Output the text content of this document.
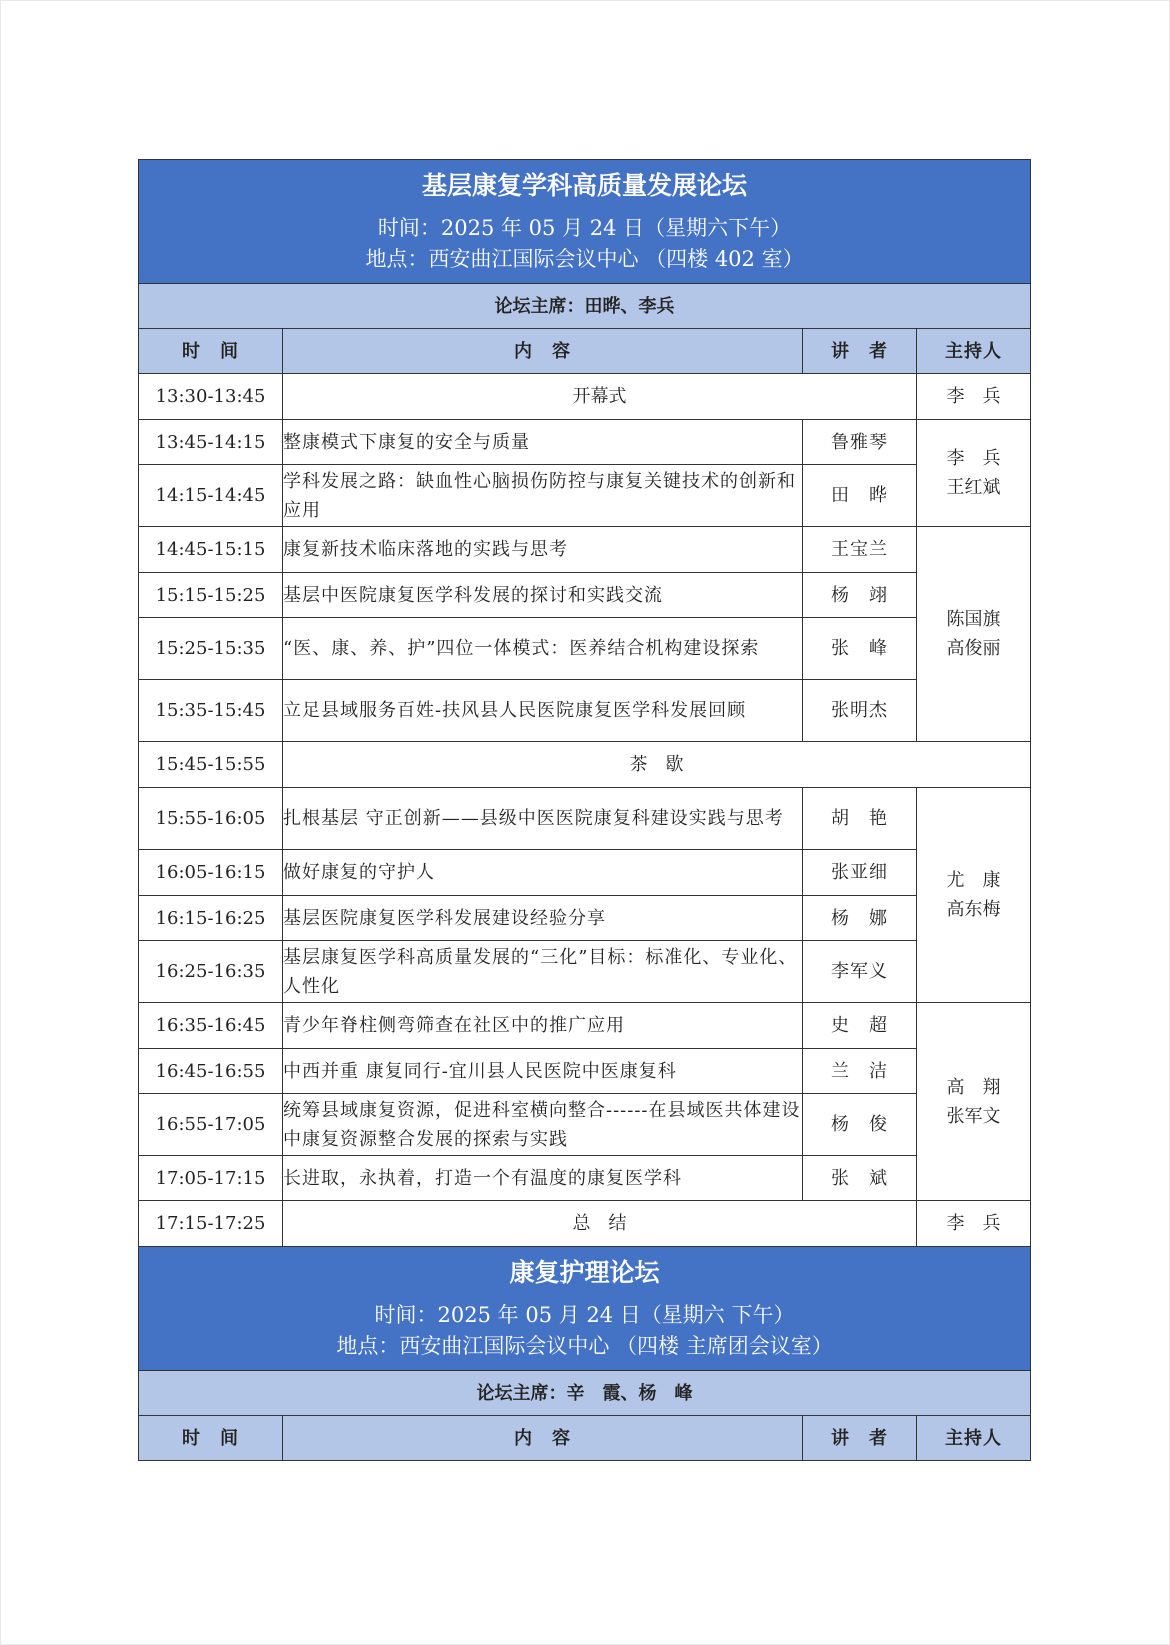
基层康复学科高质量发展论坛
时间：2025 年 05 月 24 日（星期六下午）
地点：西安曲江国际会议中心 （四楼 402 室）			

论坛主席：田晔、李兵			
时　间	内　容	讲　者	主持人
13:30-13:45	开幕式		李　兵
13:45-14:15	整康模式下康复的安全与质量	鲁雅琴	李　兵
王红斌

14:15-14:45	学科发展之路：缺血性心脑损伤防控与康复关键技术的创新和应用	田　晔	
14:45-15:15	康复新技术临床落地的实践与思考	王宝兰	陈国旗
高俊丽

15:15-15:25	基层中医院康复医学科发展的探讨和实践交流	杨　翊	
15:25-15:35	“医、康、养、护”四位一体模式：医养结合机构建设探索	张　峰	
15:35-15:45	立足县域服务百姓-扶风县人民医院康复医学科发展回顾	张明杰	
15:45-15:55	茶　歇		
15:55-16:05	扎根基层 守正创新——县级中医医院康复科建设实践与思考	胡　艳	尤　康
高东梅

16:05-16:15	做好康复的守护人	张亚细	
16:15-16:25	基层医院康复医学科发展建设经验分享	杨　娜	
16:25-16:35	基层康复医学科高质量发展的“三化”目标：标准化、专业化、人性化	李军义	
16:35-16:45	青少年脊柱侧弯筛查在社区中的推广应用	史　超	高　翔
张军文

16:45-16:55	中西并重 康复同行-宜川县人民医院中医康复科	兰　洁	
16:55-17:05	统筹县域康复资源，促进科室横向整合------在县域医共体建设中康复资源整合发展的探索与实践	杨　俊	
17:05-17:15	长进取，永执着，打造一个有温度的康复医学科	张　斌	
17:15-17:25	总　结		李　兵

康复护理论坛
时间：2025 年 05 月 24 日（星期六 下午）
地点：西安曲江国际会议中心 （四楼 主席团会议室）			

论坛主席：辛　霞、杨　峰			
时　间	内　容	讲　者	主持人
